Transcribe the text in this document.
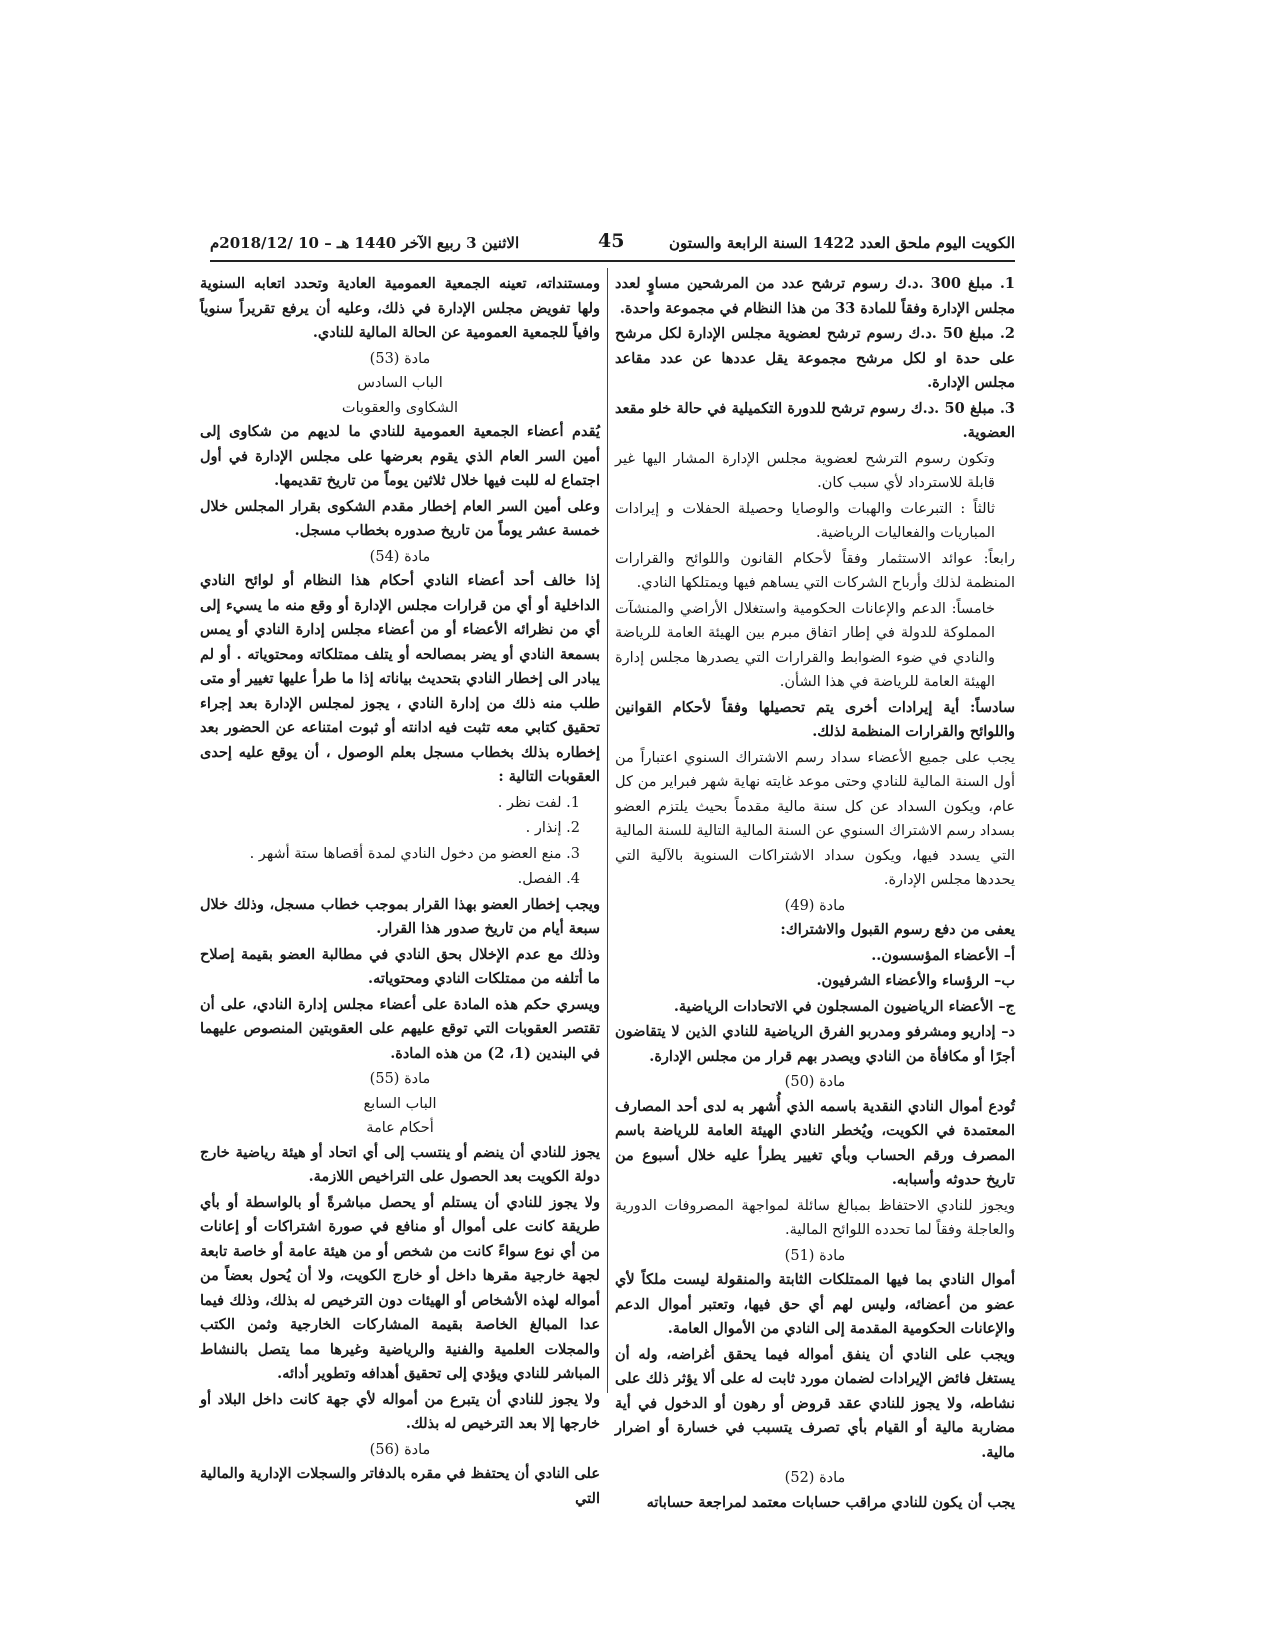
الكويت اليوم ملحق العدد 1422 السنة الرابعة والستون
45
الاثنين 3 ربيع الآخر 1440 هـ – 10 /2018/12م

1. مبلغ 300 .د.ك رسوم ترشح عدد من المرشحين مساوٍ لعدد مجلس الإدارة وفقاً للمادة 33 من هذا النظام في مجموعة واحدة.

2. مبلغ 50 .د.ك رسوم ترشح لعضوية مجلس الإدارة لكل مرشح على حدة او لكل مرشح مجموعة يقل عددها عن عدد مقاعد مجلس الإدارة.

3. مبلغ 50 .د.ك رسوم ترشح للدورة التكميلية في حالة خلو مقعد العضوية.

وتكون رسوم الترشح لعضوية مجلس الإدارة المشار اليها غير قابلة للاسترداد لأي سبب كان.

ثالثاً : التبرعات والهبات والوصايا وحصيلة الحفلات و إيرادات المباريات والفعاليات الرياضية.

رابعاً: عوائد الاستثمار وفقاً لأحكام القانون واللوائح والقرارات المنظمة لذلك وأرباح الشركات التي يساهم فيها ويمتلكها النادي.

خامساً: الدعم والإعانات الحكومية واستغلال الأراضي والمنشآت المملوكة للدولة في إطار اتفاق مبرم بين الهيئة العامة للرياضة والنادي في ضوء الضوابط والقرارات التي يصدرها مجلس إدارة الهيئة العامة للرياضة في هذا الشأن.

سادساً: أية إيرادات أخرى يتم تحصيلها وفقاً لأحكام القوانين واللوائح والقرارات المنظمة لذلك.

يجب على جميع الأعضاء سداد رسم الاشتراك السنوي اعتباراً من أول السنة المالية للنادي وحتى موعد غايته نهاية شهر فبراير من كل عام، ويكون السداد عن كل سنة مالية مقدماً بحيث يلتزم العضو بسداد رسم الاشتراك السنوي عن السنة المالية التالية للسنة المالية التي يسدد فيها، ويكون سداد الاشتراكات السنوية بالآلية التي يحددها مجلس الإدارة.

مادة (49)

يعفى من دفع رسوم القبول والاشتراك:

أ– الأعضاء المؤسسون..

ب– الرؤساء والأعضاء الشرفيون.

ج– الأعضاء الرياضيون المسجلون في الاتحادات الرياضية.

د– إداريو ومشرفو ومدربو الفرق الرياضية للنادي الذين لا يتقاضون أجرًا أو مكافأة من النادي ويصدر بهم قرار من مجلس الإدارة.

مادة (50)

تُودع أموال النادي النقدية باسمه الذي أُشهر به لدى أحد المصارف المعتمدة في الكويت، ويُخطر النادي الهيئة العامة للرياضة باسم المصرف ورقم الحساب وبأي تغيير يطرأ عليه خلال أسبوع من تاريخ حدوثه وأسبابه.

ويجوز للنادي الاحتفاظ بمبالغ سائلة لمواجهة المصروفات الدورية والعاجلة وفقاً لما تحدده اللوائح المالية.

مادة (51)

أموال النادي بما فيها الممتلكات الثابتة والمنقولة ليست ملكاً لأي عضو من أعضائه، وليس لهم أي حق فيها، وتعتبر أموال الدعم والإعانات الحكومية المقدمة إلى النادي من الأموال العامة.

ويجب على النادي أن ينفق أمواله فيما يحقق أغراضه، وله أن يستغل فائض الإيرادات لضمان مورد ثابت له على ألا يؤثر ذلك على نشاطه، ولا يجوز للنادي عقد قروض أو رهون أو الدخول في أية مضاربة مالية أو القيام بأي تصرف يتسبب في خسارة أو اضرار مالية.

مادة (52)

يجب أن يكون للنادي مراقب حسابات معتمد لمراجعة حساباته

ومستنداته، تعينه الجمعية العمومية العادية وتحدد اتعابه السنوية ولها تفويض مجلس الإدارة في ذلك، وعليه أن يرفع تقريراً سنوياً وافياً للجمعية العمومية عن الحالة المالية للنادي.

مادة (53)

الباب السادس

الشكاوى والعقوبات

يُقدم أعضاء الجمعية العمومية للنادي ما لديهم من شكاوى إلى أمين السر العام الذي يقوم بعرضها على مجلس الإدارة في أول اجتماع له للبت فيها خلال ثلاثين يوماً من تاريخ تقديمها.

وعلى أمين السر العام إخطار مقدم الشكوى بقرار المجلس خلال خمسة عشر يوماً من تاريخ صدوره بخطاب مسجل.

مادة (54)

إذا خالف أحد أعضاء النادي أحكام هذا النظام أو لوائح النادي الداخلية أو أي من قرارات مجلس الإدارة أو وقع منه ما يسيء إلى أي من نظرائه الأعضاء أو من أعضاء مجلس إدارة النادي أو يمس بسمعة النادي أو يضر بمصالحه أو يتلف ممتلكاته ومحتوياته . أو لم يبادر الى إخطار النادي بتحديث بياناته إذا ما طرأ عليها تغيير أو متى طلب منه ذلك من إدارة النادي ، يجوز لمجلس الإدارة بعد إجراء تحقيق كتابي معه تثبت فيه ادانته أو ثبوت امتناعه عن الحضور بعد إخطاره بذلك بخطاب مسجل بعلم الوصول ، أن يوقع عليه إحدى العقوبات التالية :

1. لفت نظر .

2. إنذار .

3. منع العضو من دخول النادي لمدة أقصاها ستة أشهر .

4. الفصل.

ويجب إخطار العضو بهذا القرار بموجب خطاب مسجل، وذلك خلال سبعة أيام من تاريخ صدور هذا القرار.

وذلك مع عدم الإخلال بحق النادي في مطالبة العضو بقيمة إصلاح ما أتلفه من ممتلكات النادي ومحتوياته.

ويسري حكم هذه المادة على أعضاء مجلس إدارة النادي، على أن تقتصر العقوبات التي توقع عليهم على العقوبتين المنصوص عليهما في البندين (1، 2) من هذه المادة.

مادة (55)

الباب السابع

أحكام عامة

يجوز للنادي أن ينضم أو ينتسب إلى أي اتحاد أو هيئة رياضية خارج دولة الكويت بعد الحصول على التراخيص اللازمة.

ولا يجوز للنادي أن يستلم أو يحصل مباشرةً أو بالواسطة أو بأي طريقة كانت على أموال أو منافع في صورة اشتراكات أو إعانات من أي نوع سواءً كانت من شخص أو من هيئة عامة أو خاصة تابعة لجهة خارجية مقرها داخل أو خارج الكويت، ولا أن يُحول بعضاً من أمواله لهذه الأشخاص أو الهيئات دون الترخيص له بذلك، وذلك فيما عدا المبالغ الخاصة بقيمة المشاركات الخارجية وثمن الكتب والمجلات العلمية والفنية والرياضية وغيرها مما يتصل بالنشاط المباشر للنادي ويؤدي إلى تحقيق أهدافه وتطوير أدائه.

ولا يجوز للنادي أن يتبرع من أمواله لأي جهة كانت داخل البلاد أو خارجها إلا بعد الترخيص له بذلك.

مادة (56)

على النادي أن يحتفظ في مقره بالدفاتر والسجلات الإدارية والمالية التي
